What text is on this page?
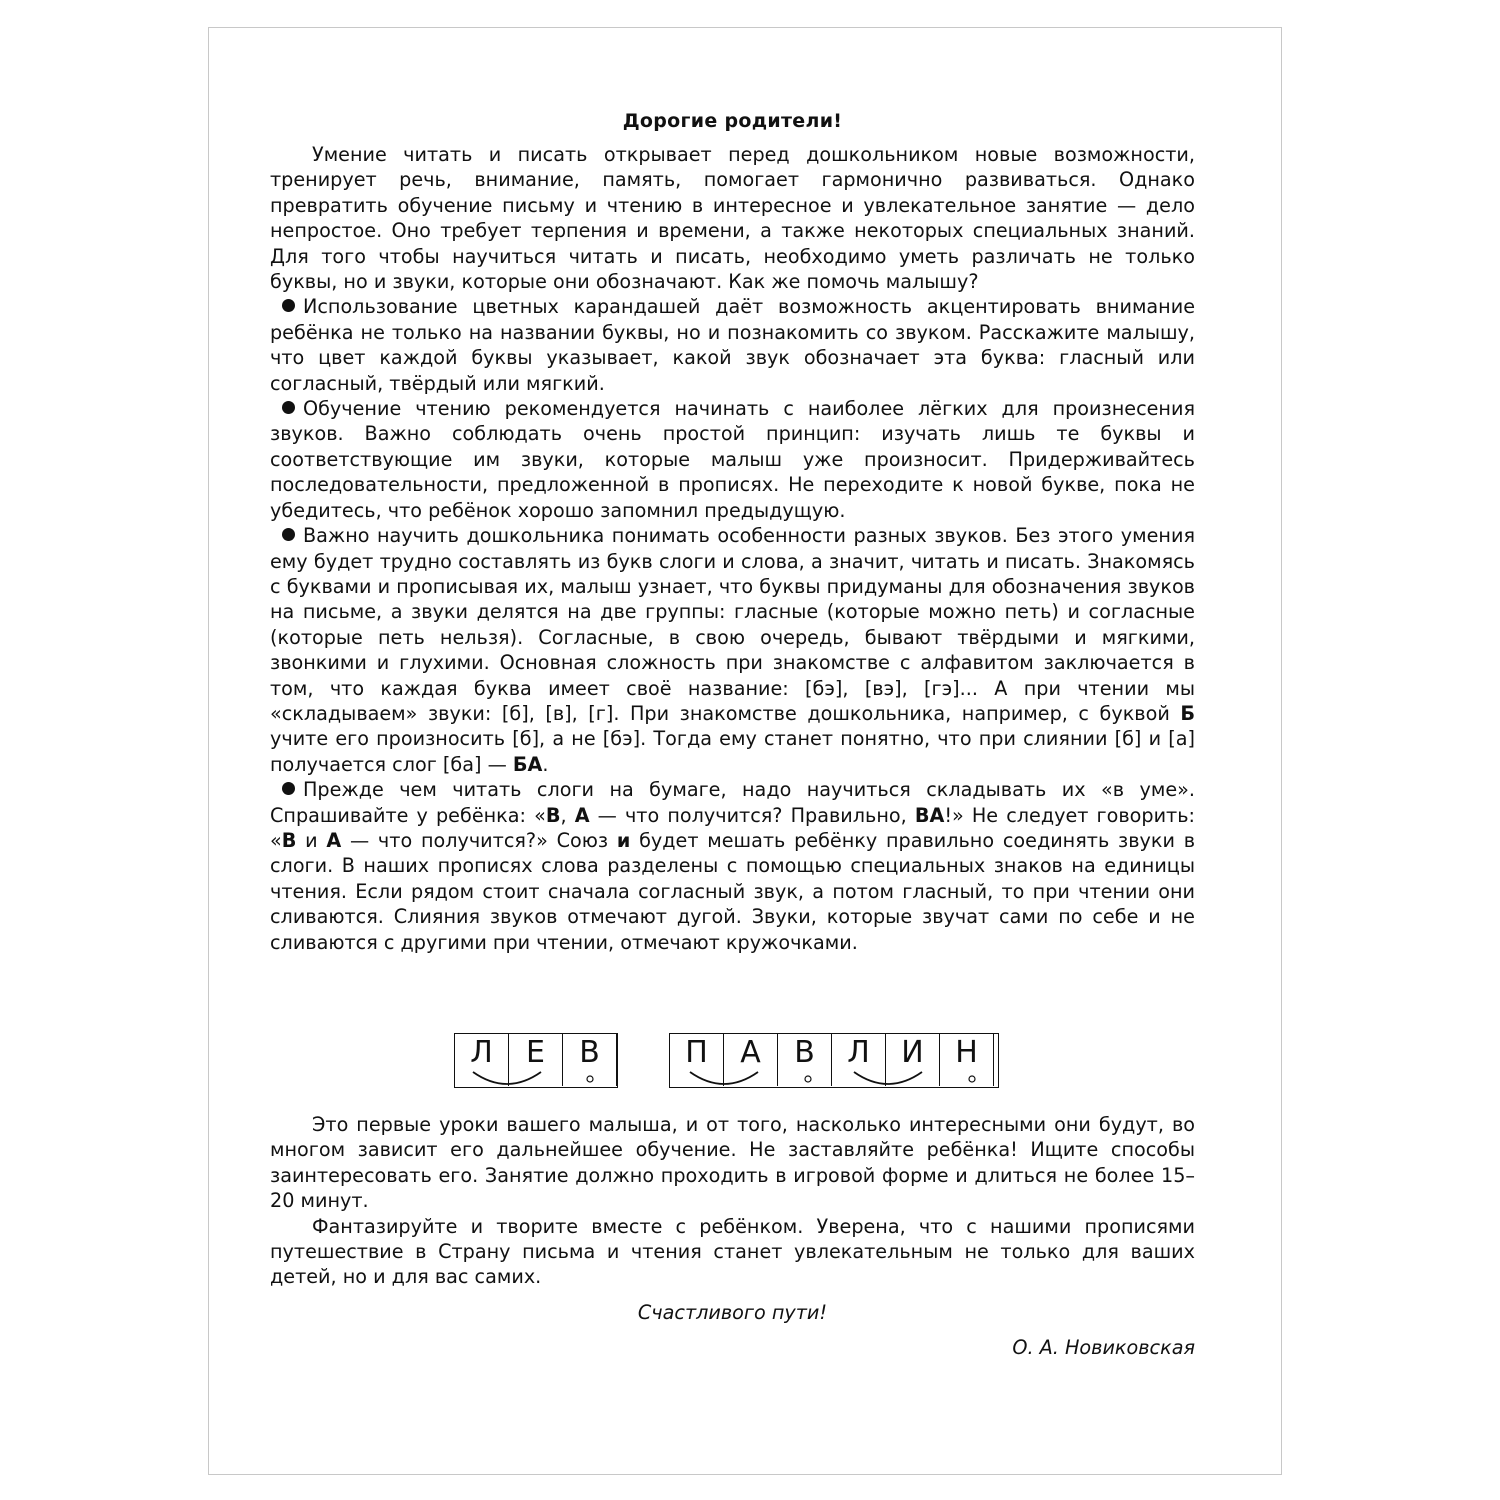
Дорогие родители!

Умение читать и писать открывает перед дошкольником новые возможности, тренирует речь, внимание, память, помогает гармонично развиваться. Однако превратить обучение письму и чтению в интересное и увлекательное занятие — дело непростое. Оно требует терпения и времени, а также некоторых специальных знаний. Для того чтобы научиться читать и писать, необходимо уметь различать не только буквы, но и звуки, которые они обозначают. Как же помочь малышу?

Использование цветных карандашей даёт возможность акцентировать внимание ребёнка не только на названии буквы, но и познакомить со звуком. Расскажите малышу, что цвет каждой буквы указывает, какой звук обозначает эта буква: гласный или согласный, твёрдый или мягкий.

Обучение чтению рекомендуется начинать с наиболее лёгких для произнесения звуков. Важно соблюдать очень простой принцип: изучать лишь те буквы и соответствующие им звуки, которые малыш уже произносит. Придерживайтесь последовательности, предложенной в прописях. Не переходите к новой букве, пока не убедитесь, что ребёнок хорошо запомнил предыдущую.

Важно научить дошкольника понимать особенности разных звуков. Без этого умения ему будет трудно составлять из букв слоги и слова, а значит, читать и писать. Знакомясь с буквами и прописывая их, малыш узнает, что буквы придуманы для обозначения звуков на письме, а звуки делятся на две группы: гласные (которые можно петь) и согласные (которые петь нельзя). Согласные, в свою очередь, бывают твёрдыми и мягкими, звонкими и глухими. Основная сложность при знакомстве с алфавитом заключается в том, что каждая буква имеет своё название: [бэ], [вэ], [гэ]... А при чтении мы «складываем» звуки: [б], [в], [г]. При знакомстве дошкольника, например, с буквой Б учите его произносить [б], а не [бэ]. Тогда ему станет понятно, что при слиянии [б] и [а] получается слог [ба] — БА.

Прежде чем читать слоги на бумаге, надо научиться складывать их «в уме». Спрашивайте у ребёнка: «В, А — что получится? Правильно, ВА!» Не следует говорить: «В и А — что получится?» Союз и будет мешать ребёнку правильно соединять звуки в слоги. В наших прописях слова разделены с помощью специальных знаков на единицы чтения. Если рядом стоит сначала согласный звук, а потом гласный, то при чтении они сливаются. Слияния звуков отмечают дугой. Звуки, которые звучат сами по себе и не сливаются с другими при чтении, отмечают кружочками.

Л	Е	В	П	А	В	Л	И	Н

Это первые уроки вашего малыша, и от того, насколько интересными они будут, во многом зависит его дальнейшее обучение. Не заставляйте ребёнка! Ищите способы заинтересовать его. Занятие должно проходить в игровой форме и длиться не более 15–20 минут.

Фантазируйте и творите вместе с ребёнком. Уверена, что с нашими прописями путешествие в Страну письма и чтения станет увлекательным не только для ваших детей, но и для вас самих.

Счастливого пути!
О. А. Новиковская
